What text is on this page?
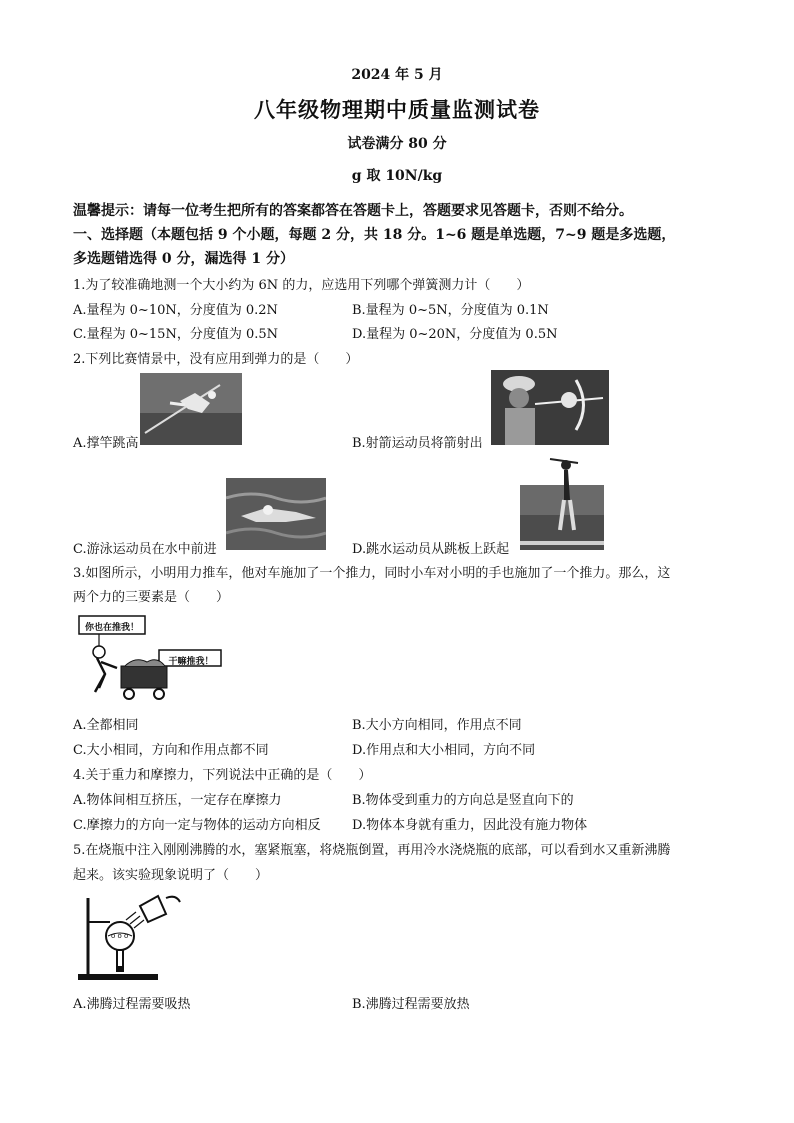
2024 年 5 月
八年级物理期中质量监测试卷
试卷满分 80 分
g 取 10N/kg
温馨提示：请每一位考生把所有的答案都答在答题卡上，答题要求见答题卡，否则不给分。
一、选择题（本题包括 9 个小题，每题 2 分，共 18 分。1~6 题是单选题，7~9 题是多选题，
多选题错选得 0 分，漏选得 1 分）
1.为了较准确地测一个大小约为 6N 的力，应选用下列哪个弹簧测力计（　　）
A.量程为 0~10N，分度值为 0.2N	B.量程为 0~5N，分度值为 0.1N
C.量程为 0~15N，分度值为 0.5N	D.量程为 0~20N，分度值为 0.5N
2.下列比赛情景中，没有应用到弹力的是（　　）
A.撑竿跳高	B.射箭运动员将箭射出
C.游泳运动员在水中前进	D.跳水运动员从跳板上跃起
3.如图所示，小明用力推车，他对车施加了一个推力，同时小车对小明的手也施加了一个推力。那么，这
两个力的三要素是（　　）
你也在推我！
干嘛推我！
A.全都相同	B.大小方向相同，作用点不同
C.大小相同，方向和作用点都不同	D.作用点和大小相同，方向不同
4.关于重力和摩擦力，下列说法中正确的是（　　）
A.物体间相互挤压，一定存在摩擦力	B.物体受到重力的方向总是竖直向下的
C.摩擦力的方向一定与物体的运动方向相反 D.物体本身就有重力，因此没有施力物体
5.在烧瓶中注入刚刚沸腾的水，塞紧瓶塞，将烧瓶倒置，再用冷水浇烧瓶的底部，可以看到水又重新沸腾
起来。该实验现象说明了（　　）
o o o
A.沸腾过程需要吸热	B.沸腾过程需要放热
